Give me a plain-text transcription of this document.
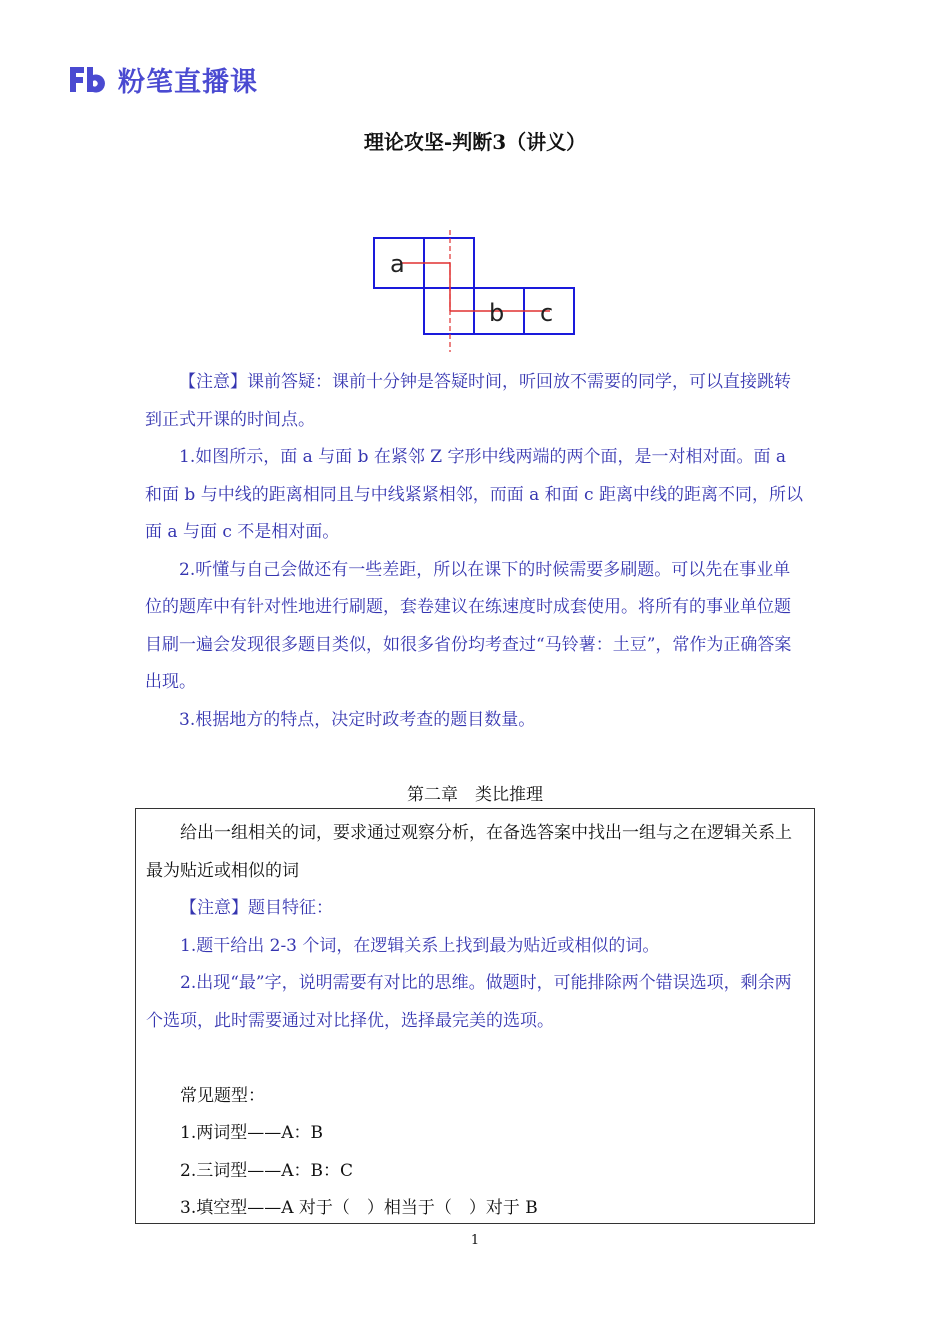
粉笔直播课
理论攻坚-判断3（讲义）
a
b c

【注意】课前答疑：课前十分钟是答疑时间，听回放不需要的同学，可以直接跳转到正式开课的时间点。

1.如图所示，面 a 与面 b 在紧邻 Z 字形中线两端的两个面，是一对相对面。面 a 和面 b 与中线的距离相同且与中线紧紧相邻，而面 a 和面 c 距离中线的距离不同，所以面 a 与面 c 不是相对面。

2.听懂与自己会做还有一些差距，所以在课下的时候需要多刷题。可以先在事业单位的题库中有针对性地进行刷题，套卷建议在练速度时成套使用。将所有的事业单位题目刷一遍会发现很多题目类似，如很多省份均考查过“马铃薯：土豆”，常作为正确答案出现。

3.根据地方的特点，决定时政考查的题目数量。

第二章　类比推理

给出一组相关的词，要求通过观察分析，在备选答案中找出一组与之在逻辑关系上最为贴近或相似的词

【注意】题目特征：

1.题干给出 2-3 个词，在逻辑关系上找到最为贴近或相似的词。

2.出现“最”字，说明需要有对比的思维。做题时，可能排除两个错误选项，剩余两个选项，此时需要通过对比择优，选择最完美的选项。

常见题型：

1.两词型——A：B

2.三词型——A：B：C

3.填空型——A 对于（　）相当于（　）对于 B

1
